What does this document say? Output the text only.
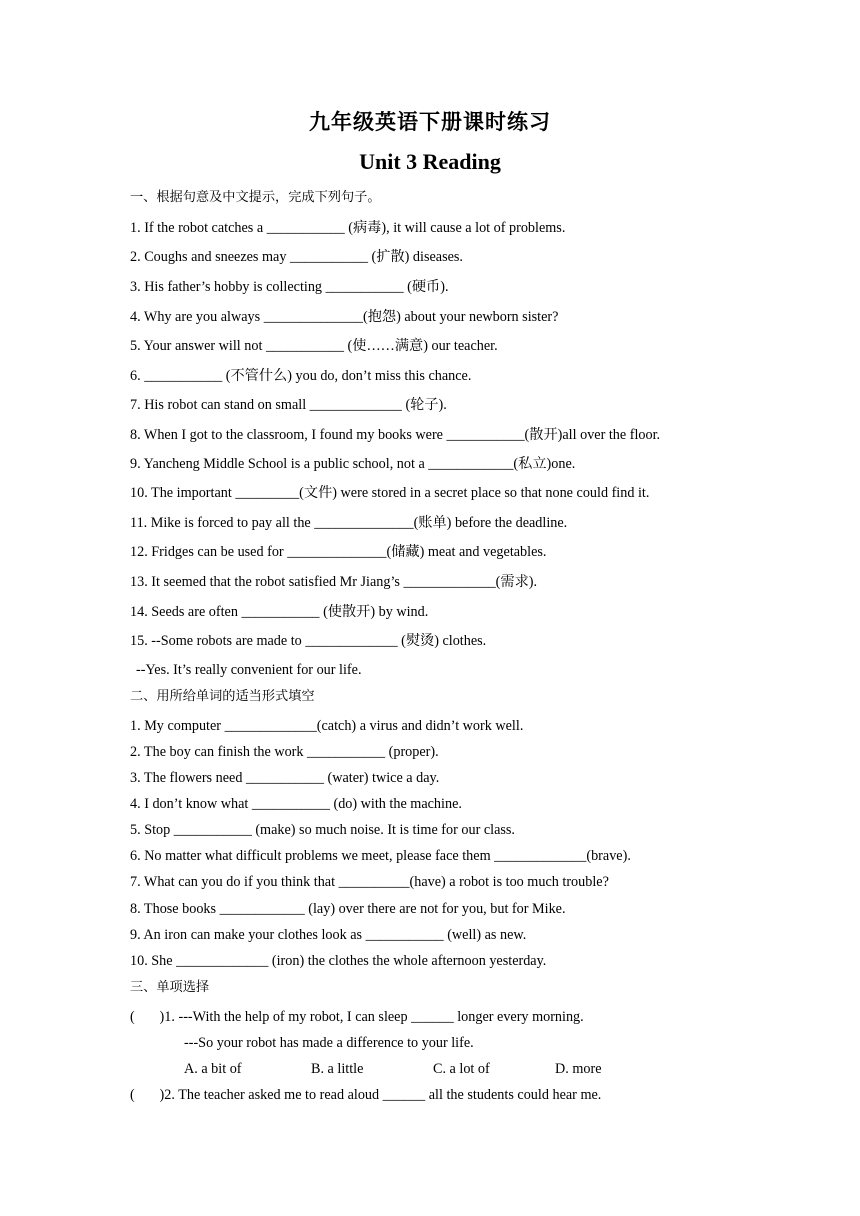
九年级英语下册课时练习
Unit 3 Reading
一、根据句意及中文提示，完成下列句子。
1. If the robot catches a ___________ (病毒), it will cause a lot of problems.
2. Coughs and sneezes may ___________ (扩散) diseases.
3. His father’s hobby is collecting ___________ (硬币).
4. Why are you always ______________(抱怨) about your newborn sister?
5. Your answer will not ___________ (使……满意) our teacher.
6. ___________ (不管什么) you do, don’t miss this chance.
7. His robot can stand on small _____________ (轮子).
8. When I got to the classroom, I found my books were ___________(散开)all over the floor.
9. Yancheng Middle School is a public school, not a ____________(私立)one.
10. The important _________(文件) were stored in a secret place so that none could find it.
11. Mike is forced to pay all the ______________(账单) before the deadline.
12. Fridges can be used for ______________(储藏) meat and vegetables.
13. It seemed that the robot satisfied Mr Jiang’s _____________(需求).
14. Seeds are often ___________ (使散开) by wind.
15. --Some robots are made to _____________ (熨烫) clothes.
--Yes. It’s really convenient for our life.
二、用所给单词的适当形式填空
1. My computer _____________(catch) a virus and didn’t work well.
2. The boy can finish the work ___________ (proper).
3. The flowers need ___________ (water) twice a day.
4. I don’t know what ___________ (do) with the machine.
5. Stop ___________ (make) so much noise. It is time for our class.
6. No matter what difficult problems we meet, please face them _____________(brave).
7. What can you do if you think that __________(have) a robot is too much trouble?
8. Those books ____________ (lay) over there are not for you, but for Mike.
9. An iron can make your clothes look as ___________ (well) as new.
10. She _____________ (iron) the clothes the whole afternoon yesterday.
三、单项选择
(       )1. ---With the help of my robot, I can sleep ______ longer every morning.
---So your robot has made a difference to your life.
A. a bit of	B. a little	C. a lot of	D. more
(       )2. The teacher asked me to read aloud ______ all the students could hear me.
